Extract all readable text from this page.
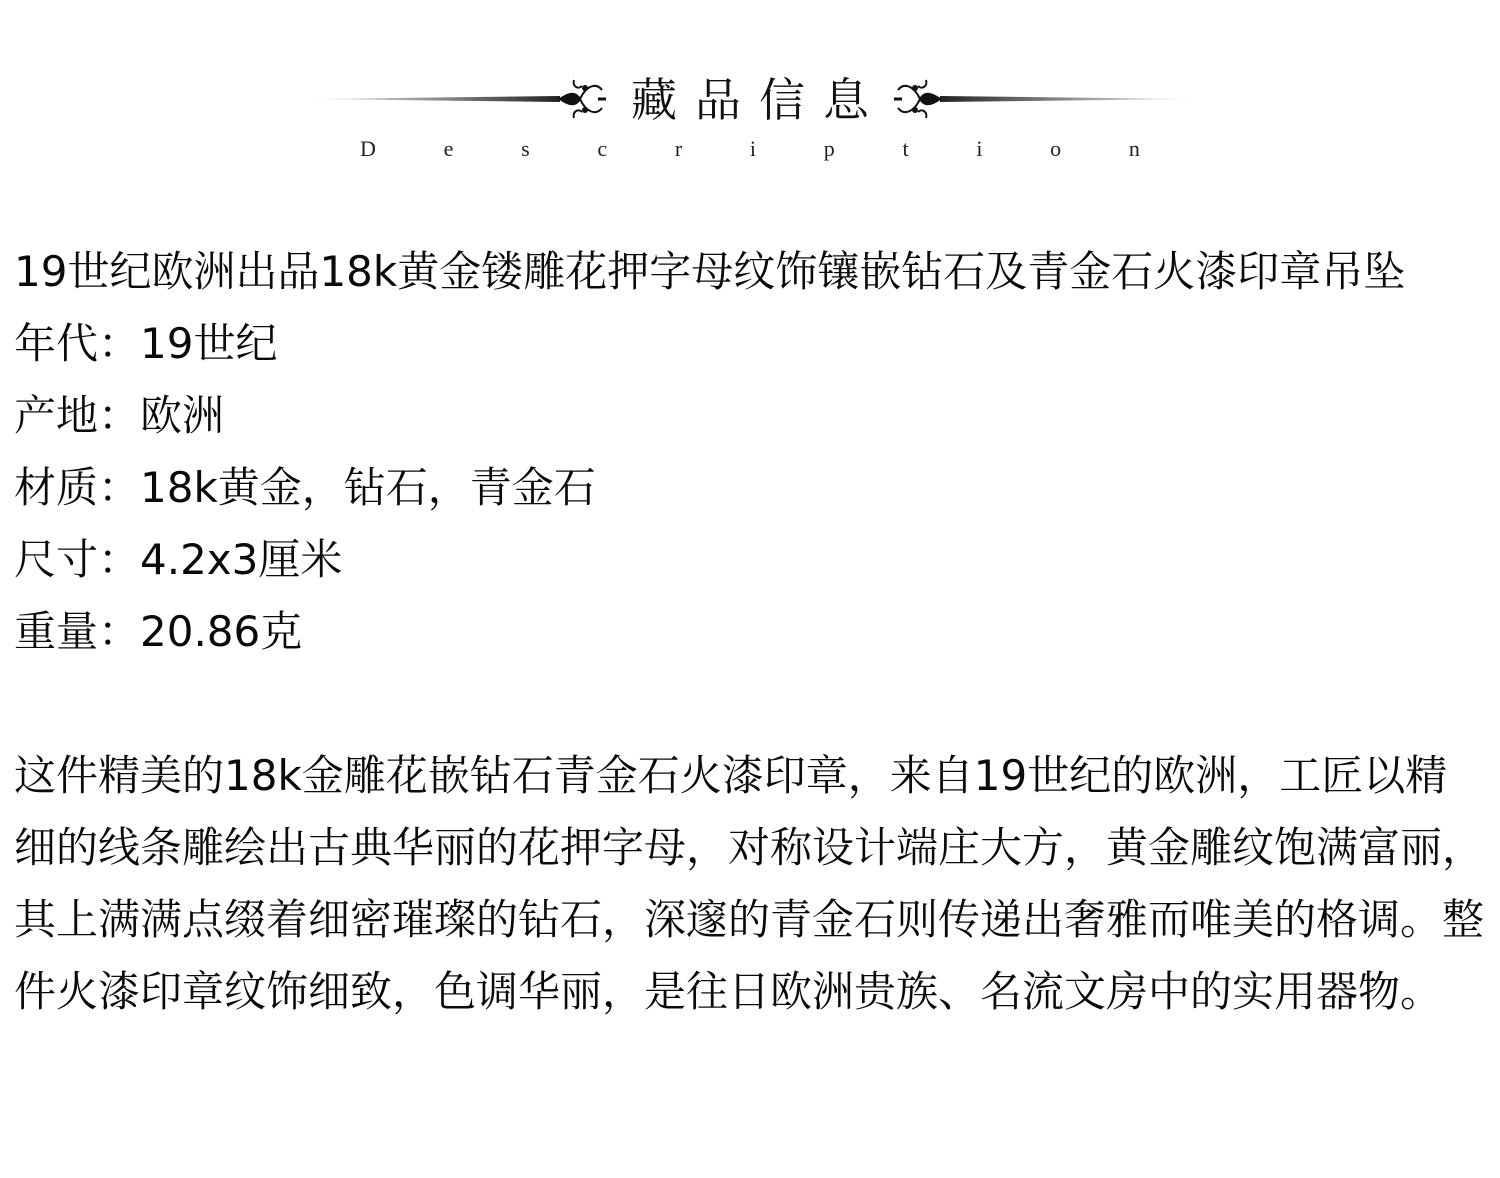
藏品信息
D	e	s	c	r	i	p	t	i	o	n

19世纪欧洲出品18k黄金镂雕花押字母纹饰镶嵌钻石及青金石火漆印章吊坠

年代：19世纪

产地：欧洲

材质：18k黄金，钻石，青金石

尺寸：4.2x3厘米

重量：20.86克

这件精美的18k金雕花嵌钻石青金石火漆印章，来自19世纪的欧洲，工匠以精细的线条雕绘出古典华丽的花押字母，对称设计端庄大方，黄金雕纹饱满富丽，其上满满点缀着细密璀璨的钻石，深邃的青金石则传递出奢雅而唯美的格调。整件火漆印章纹饰细致，色调华丽，是往日欧洲贵族、名流文房中的实用器物。
